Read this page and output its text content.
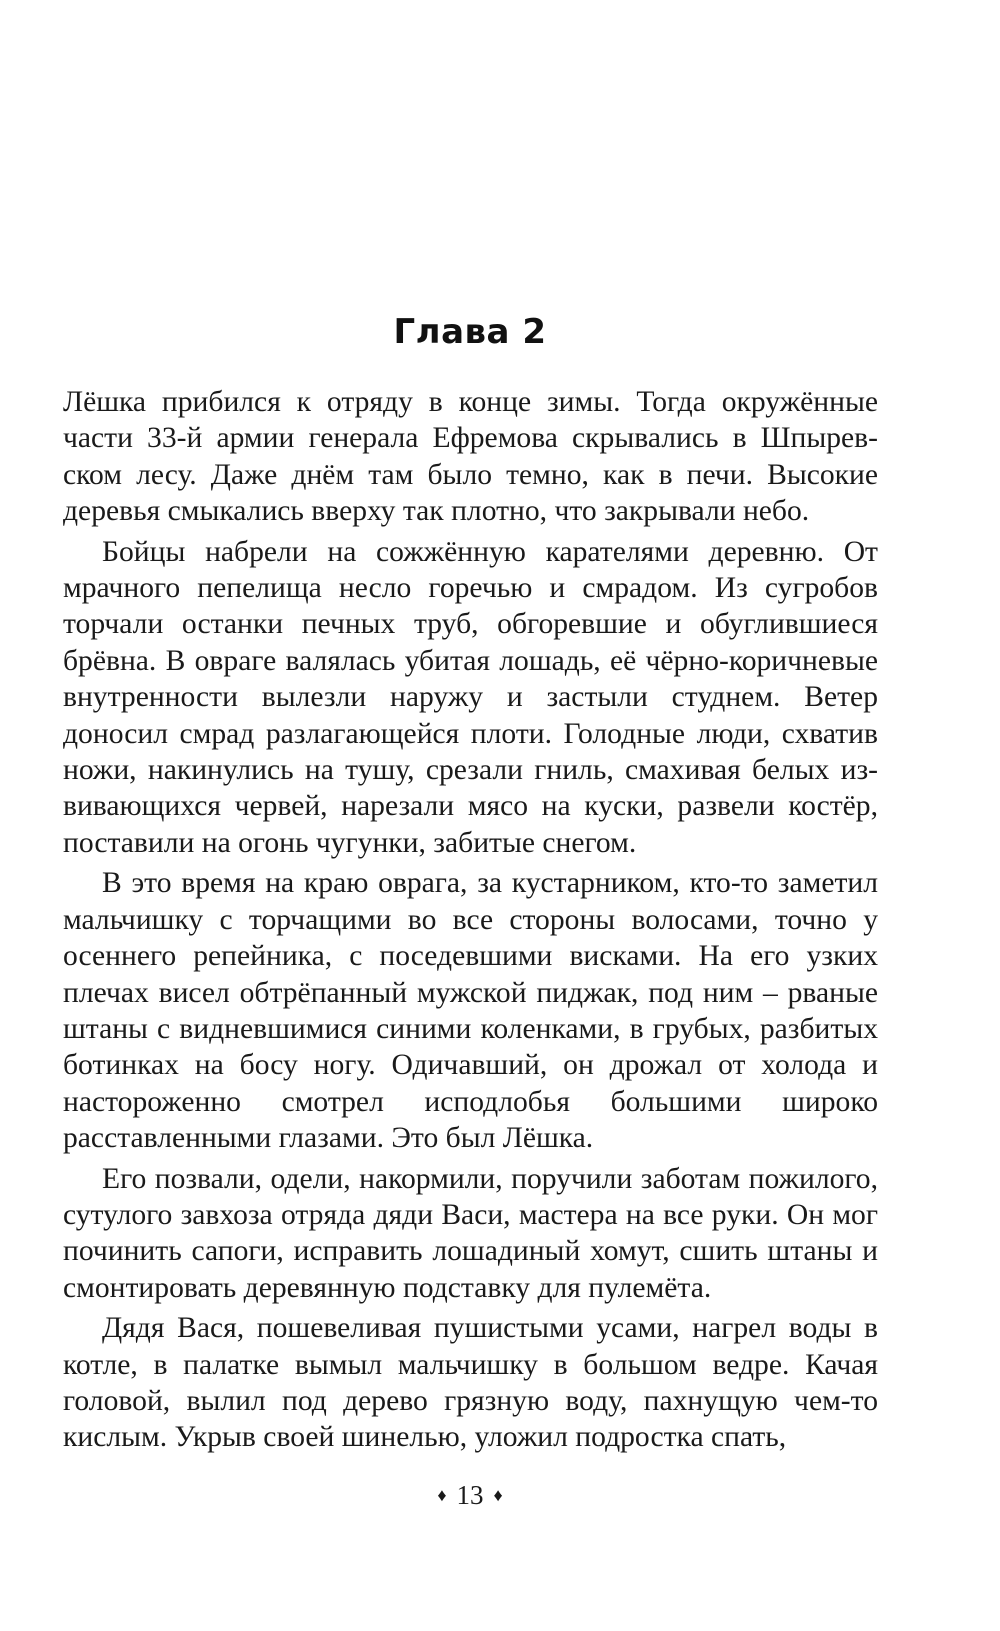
Глава 2

Лёшка прибился к отряду в конце зимы. Тогда окружённые части 33-й армии генерала Ефремова скрывались в Шпыревском лесу. Даже днём там было темно, как в печи. Высокие деревья смыкались вверху так плотно, что закрывали небо.

Бойцы набрели на сожжённую карателями деревню. От мрачного пепелища несло горечью и смрадом. Из сугробов торчали останки печных труб, обгоревшие и обуглившиеся брёвна. В овраге валялась убитая лошадь, её чёрно-коричневые внутренности вылезли наружу и застыли студнем. Ветер доносил смрад разлагающейся плоти. Голодные люди, схватив ножи, накинулись на тушу, срезали гниль, смахивая белых извивающихся червей, нарезали мясо на куски, развели костёр, поставили на огонь чугунки, забитые снегом.

В это время на краю оврага, за кустарником, кто-то заметил мальчишку с торчащими во все стороны волосами, точно у осеннего репейника, с поседевшими висками. На его узких плечах висел обтрёпанный мужской пиджак, под ним – рваные штаны с видневшимися синими коленками, в грубых, разбитых ботинках на босу ногу. Одичавший, он дрожал от холода и настороженно смотрел исподлобья большими широко расставленными глазами. Это был Лёшка.

Его позвали, одели, накормили, поручили заботам пожилого, сутулого завхоза отряда дяди Васи, мастера на все руки. Он мог починить сапоги, исправить лошадиный хомут, сшить штаны и смонтировать деревянную подставку для пулемёта.

Дядя Вася, пошевеливая пушистыми усами, нагрел воды в котле, в палатке вымыл мальчишку в большом ведре. Качая головой, вылил под дерево грязную воду, пахнущую чем-то кислым. Укрыв своей шинелью, уложил подростка спать,

♦ 13 ♦
